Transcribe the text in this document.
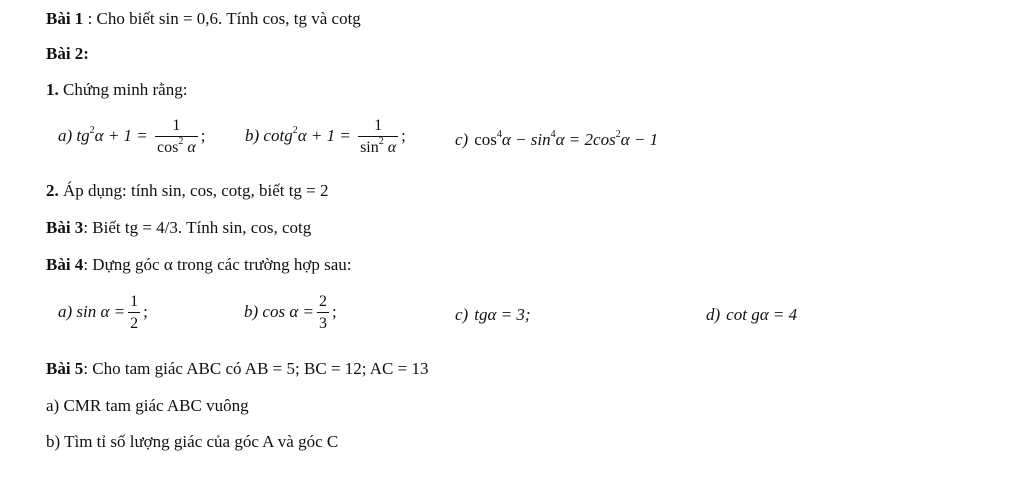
Bài 1 : Cho biết sin = 0,6. Tính cos, tg và cotg
Bài 2:
1. Chứng minh rằng:
a) $tg^2\alpha + 1 = \frac{1}{\cos^2 \alpha}$ ; b) $\cot g^2\alpha + 1 = \frac{1}{\sin^2 \alpha}$ ;	c) $\cos^4\alpha - \sin^4\alpha = 2\cos^2\alpha - 1$
2. Áp dụng: tính sin, cos, cotg, biết tg = 2
Bài 3: Biết tg = 4/3. Tính sin, cos, cotg
Bài 4: Dựng góc α trong các trường hợp sau:
a) $\sin \alpha = \frac{1}{2}$ ;	b) $\cos \alpha = \frac{2}{3}$ ;	c) tgα = 3;	d) cot gα = 4
Bài 5: Cho tam giác ABC có AB = 5; BC = 12; AC = 13
a) CMR tam giác ABC vuông
b) Tìm tỉ số lượng giác của góc A và góc C
